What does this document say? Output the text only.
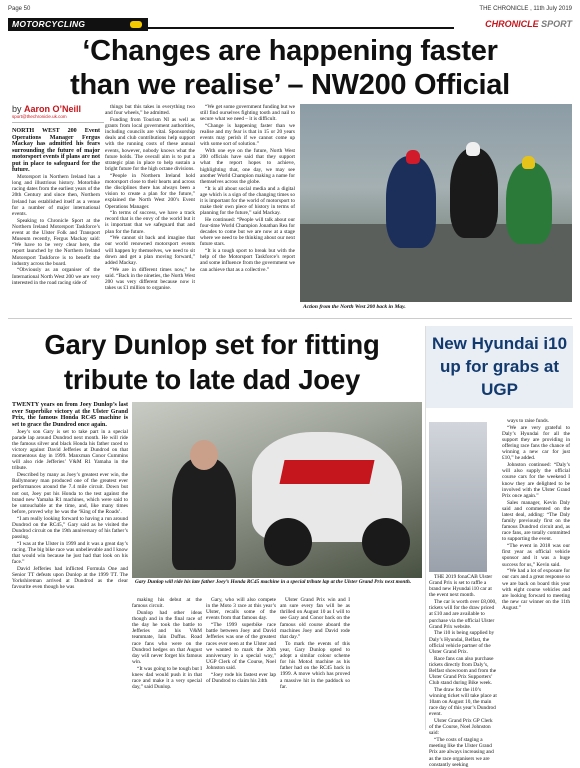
Page 50	THE CHRONICLE , 11th July 2019
MOTORCYCLING	CHRONICLE SPORT
‘Changes are happening faster
than we realise’ – NW200 Official
by Aaron O’Neill
sport@thechronicle.uk.com

NORTH WEST 200 Event Operations Manager Fergus Mackay has admitted his fears surrounding the future of major motorsport events if plans are not put in place to safeguard for the future.

Motorsport in Northern Ireland has a long and illustrious history. Motorbike racing dates from the earliest years of the 20th Century and since then, Northern Ireland has established itself as a venue for a number of major international events.

Speaking to Chronicle Sport at the Northern Ireland Motorsport Taskforce’s event at the Ulster Folk and Transport Museum recently, Fergus Mackay said: “We have to be very clear here, the report launched by the Northern Ireland Motorsport Taskforce is to benefit the industry across the board.

“Obviously as an organiser of the International North West 200 we are very interested in the road racing side of

things but this takes in everything two and four wheels,” he admitted.

Funding from Tourism NI as well as grants from local government authorities, including councils are vital. Sponsorship deals and club contributions help support with the running costs of these annual events, however, nobody knows what the future holds. The overall aim is to put a strategic plan in place to help sustain a bright future for the high octane divisions.

“People in Northern Ireland hold motorsport close to their hearts and across the disciplines there has always been a vision to create a plan for the future,” explained the North West 200’s Event Operations Manager.

“In terms of success, we have a track record that is the envy of the world but it is important that we safeguard that and plan for the future.

“We cannot sit back and imagine that our world renowned motorsport events will happen by themselves, we need to sit down and get a plan moving forward,” added Mackay.

“We are in different times now,” he said. “Back in the nineties, the North West 200 was very different because now it takes us £1 million to organise.

“We get some government funding but we still find ourselves fighting tooth and nail to secure what we need – it is difficult.

“Change is happening faster than we realise and my fear is that in 15 or 20 years events may perish if we cannot come up with some sort of solution.”

With one eye on the future, North West 200 officials have said that they support what the report hopes to achieve, highlighting that, one day, we may see another World Champion making a name for themselves across the globe.

“It is all about social media and a digital age which is a sign of the changing times so it is important for the world of motorsport to make their own piece of history in terms of planning for the future,” said Mackay.

He continued: “People will talk about our four-time World Champion Jonathan Rea for decades to come but we are now at a stage where we need to be thinking about our next future stars.

“It is a tough sport to break but with the help of the Motorsport Taskforce’s report and some influence from the government we can achieve that as a collective.”

Action from the North West 200 back in May.
Gary Dunlop set for fitting
tribute to late dad Joey

TWENTY years on from Joey Dunlop’s last ever Superbike victory at the Ulster Grand Prix, the famous Honda RC45 machine is set to grace the Dundrod once again.

Joey’s son Gary is set to take part in a special parade lap around Dundrod next month. He will ride the famous silver and black Honda his father raced to victory against David Jefferies at Dundrod on that momentous day in 1999. Manxman Conor Cummins will also ride Jefferies’ V&M R1 Yamaha in the tribute.

Described by many as Joey’s greatest ever win, the Ballymoney man produced one of the greatest ever performances around the 7.4 mile circuit. Down but not out, Joey put his Honda to the test against the brand new Yamaha R1 machines, which were said to be untouchable at the time, and, like many times before, proved why he was the ‘King of the Roads’.

“I am really looking forward to having a run around Dundrod on the RC45,” Gary said as he visited the Dundrod circuit on the 19th anniversary of his father’s passing.

“I was at the Ulster in 1999 and it was a great day’s racing. The big bike race was unbelievable and I know that would win because he just had that look on his face.”

David Jefferies had inflicted Formula One and Senior TT defeats upon Dunlop at the 1999 TT. The Yorkshireman arrived at Dundrod as the clear favourite even though he was

Gary Dunlop will ride his late father Joey’s Honda RC45 machine in a special tribute lap at the Ulster Grand Prix next month.

making his debut at the famous circuit.

Dunlop had other ideas though and in the final race of the day he took the battle to Jefferies and his V&M teammate, Iain Duffus. Road race fans who were on the Dundrod hedges on that August day will never forget his famous win.

“It was going to be tough but I knew dad would push it in that race and make it a very special day,” said Dunlop.

Gary, who will also compete in the Moto 3 race at this year’s Ulster, recalls some of the events from that famous day.

“The 1999 superbike race battle between Joey and David Jefferies was one of the greatest races ever seen at the Ulster and we wanted to mark the 20th anniversary in a special way,” UGP Clerk of the Course, Noel Johnston said.

“Joey rode his fastest ever lap of Dundrod to claim his 24th

Ulster Grand Prix win and I am sure every fan will be as thrilled on August 10 as I will to see Gary and Conor back on the famous old course aboard the machines Joey and David rode that day.”

To mark the events of this year, Gary Dunlop opted to adopt a similar colour scheme for his Moto4 machine as his father had on the RC45 back in 1999. A move which has proved a massive hit in the paddock so far.

New Hyundai i10 up for grabs at UGP

THE 2019 fonaCAB Ulster Grand Prix is set to raffle a brand new Hyundai i10 car at the event next month.

The car is worth over £8,000, tickets will for the draw priced at £10 and are available to purchase via the official Ulster Grand Prix website.

The i10 is being supplied by Daly’s Hyundai, Belfast, the official vehicle partner of the Ulster Grand Prix.

Race fans can also purchase tickets directly from Daly’s, Belfast showroom and from the Ulster Grand Prix Supporters’ Club stand during Bike week.

The draw for the i10’s winning ticket will take place at 10am on August 10, the main race day of this year’s Dundrod event.

Ulster Grand Prix GP Clerk of the Course, Noel Johnston said:

“The costs of staging a meeting like the Ulster Grand Prix are always increasing and as the race organisers we are constantly seeking

ways to raise funds.

“We are very grateful to Daly’s Hyundai for all the support they are providing in offering race fans the chance of winning a new car for just £10,” he added.

Johnston continued: “Daly’s will also supply the official course cars for the weekend I know they are delighted to be involved with the Ulster Grand Prix once again.”

Sales manager, Kevin Daly said and commented on the latest deal, adding: “The Daly family previously first on the famous Dundrod circuit and, as race fans, are totally committed to supporting the event.

“The event in 2018 was our first year as official vehicle sponsor and it was a huge success for us,” Kevin said.

“We had a lot of exposure for our cars and a great response so we are back on board this year with eight course vehicles and are looking forward to meeting the new car winner on the 11th August.”
